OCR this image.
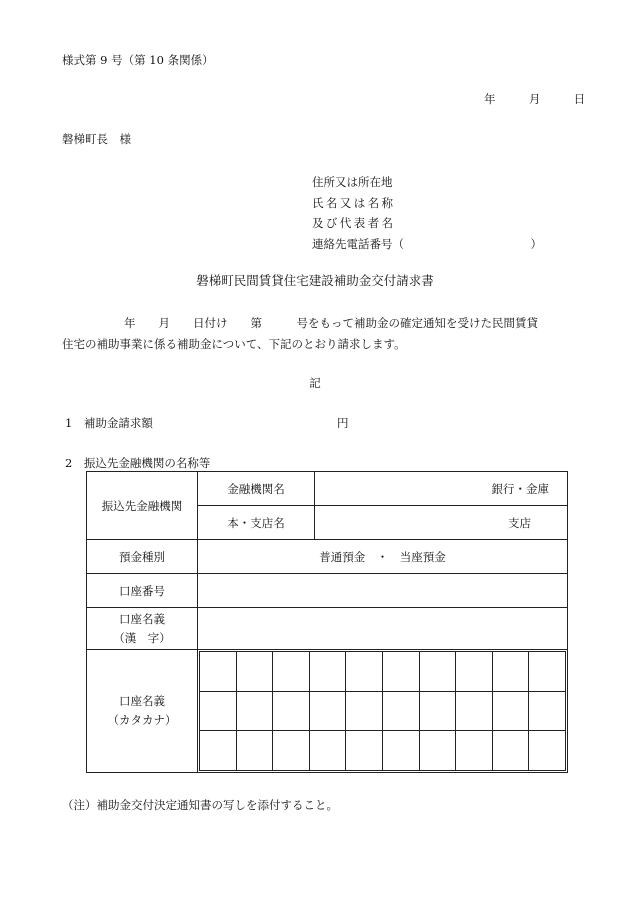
様式第 9 号（第 10 条関係）
年	月	日
磐梯町長　様
住所又は所在地
氏名又は名称
及び代表者名
連絡先電話番号（　　　　　　　　　　　）
磐梯町民間賃貸住宅建設補助金交付請求書

年　　月　　日付け　　第　　　号をもって補助金の確定通知を受けた民間賃貸

住宅の補助事業に係る補助金について、下記のとおり請求します。

記
1　補助金請求額	円
2　振込先金融機関の名称等
振込先金融機関	金融機関名	銀行・金庫
本・支店名	支店
預金種別	普通預金　・　当座預金
口座番号	

口座名義
（漢　字）

口座名義
（カタカナ）

（注）補助金交付決定通知書の写しを添付すること。
